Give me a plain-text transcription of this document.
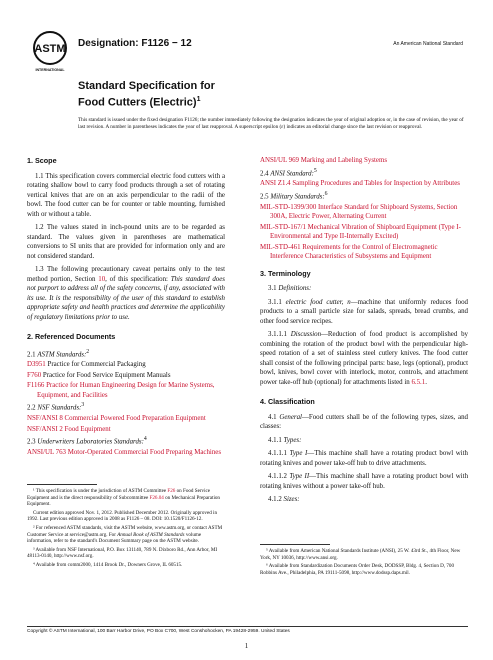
ASTM
INTERNATIONAL
Designation: F1126 − 12	An American National Standard
Standard Specification for
Food Cutters (Electric)$^1$
This standard is issued under the fixed designation F1126; the number immediately following the designation indicates the year of original adoption or, in the case of revision, the year of last revision. A number in parentheses indicates the year of last reapproval. A superscript epsilon (ε) indicates an editorial change since the last revision or reapproval.
1. Scope

1.1 This specification covers commercial electric food cutters with a rotating shallow bowl to carry food products through a set of rotating vertical knives that are on an axis perpendicular to the radii of the bowl. The food cutter can be for counter or table mounting, furnished with or without a table.

1.2 The values stated in inch-pound units are to be regarded as standard. The values given in parentheses are mathematical conversions to SI units that are provided for information only and are not considered standard.

1.3 The following precautionary caveat pertains only to the test method portion, Section 10, of this specification: This standard does not purport to address all of the safety concerns, if any, associated with its use. It is the responsibility of the user of this standard to establish appropriate safety and health practices and determine the applicability of regulatory limitations prior to use.

2. Referenced Documents
2.1 ASTM Standards:$^2$
D3951 Practice for Commercial Packaging
F760 Practice for Food Service Equipment Manuals
F1166 Practice for Human Engineering Design for Marine Systems, Equipment, and Facilities
2.2 NSF Standards:$^3$
NSF/ANSI 8 Commercial Powered Food Preparation Equipment
NSF/ANSI 2 Food Equipment
2.3 Underwriters Laboratories Standards:$^4$
ANSI/UL 763 Motor-Operated Commercial Food Preparing Machines

¹ This specification is under the jurisdiction of ASTM Committee F26 on Food Service Equipment and is the direct responsibility of Subcommittee F26.04 on Mechanical Preparation Equipment.

Current edition approved Nov. 1, 2012. Published December 2012. Originally approved in 1992. Last previous edition approved in 2008 as F1126 – 08. DOI: 10.1520/F1126-12.

² For referenced ASTM standards, visit the ASTM website, www.astm.org, or contact ASTM Customer Service at service@astm.org. For Annual Book of ASTM Standards volume information, refer to the standard's Document Summary page on the ASTM website.

³ Available from NSF International, P.O. Box 131140, 789 N. Dixboro Rd., Ann Arbor, MI 48113-0140, http://www.nsf.org.

⁴ Available from comm2000, 1414 Brook Dr., Downers Grove, IL 60515.

ANSI/UL 969 Marking and Labeling Systems
2.4 ANSI Standard:$^5$
ANSI Z1.4 Sampling Procedures and Tables for Inspection by Attributes
2.5 Military Standards:$^6$
MIL-STD-1399/300 Interface Standard for Shipboard Systems, Section 300A, Electric Power, Alternating Current
MIL-STD-167/1 Mechanical Vibration of Shipboard Equipment (Type I-Environmental and Type II-Internally Excited)
MIL-STD-461 Requirements for the Control of Electromagnetic Interference Characteristics of Subsystems and Equipment
3. Terminology

3.1 Definitions:

3.1.1 electric food cutter, n—machine that uniformly reduces food products to a small particle size for salads, spreads, bread crumbs, and other food service recipes.

3.1.1.1 Discussion—Reduction of food product is accomplished by combining the rotation of the product bowl with the perpendicular high-speed rotation of a set of stainless steel cutlery knives. The food cutter shall consist of the following principal parts: base, legs (optional), product bowl, knives, bowl cover with interlock, motor, controls, and attachment power take-off hub (optional) for attachments listed in 6.5.1.

4. Classification

4.1 General—Food cutters shall be of the following types, sizes, and classes:

4.1.1 Types:

4.1.1.1 Type I—This machine shall have a rotating product bowl with rotating knives and power take-off hub to drive attachments.

4.1.1.2 Type II—This machine shall have a rotating product bowl with rotating knives without a power take-off hub.

4.1.2 Sizes:

⁵ Available from American National Standards Institute (ANSI), 25 W. 43rd St., 4th Floor, New York, NY 10036, http://www.ansi.org.

⁶ Available from Standardization Documents Order Desk, DODSSP, Bldg. 4, Section D, 700 Robbins Ave., Philadelphia, PA 19111-5098, http://www.dodssp.daps.mil.

Copyright © ASTM International, 100 Barr Harbor Drive, PO Box C700, West Conshohocken, PA 19428-2959. United States
1
